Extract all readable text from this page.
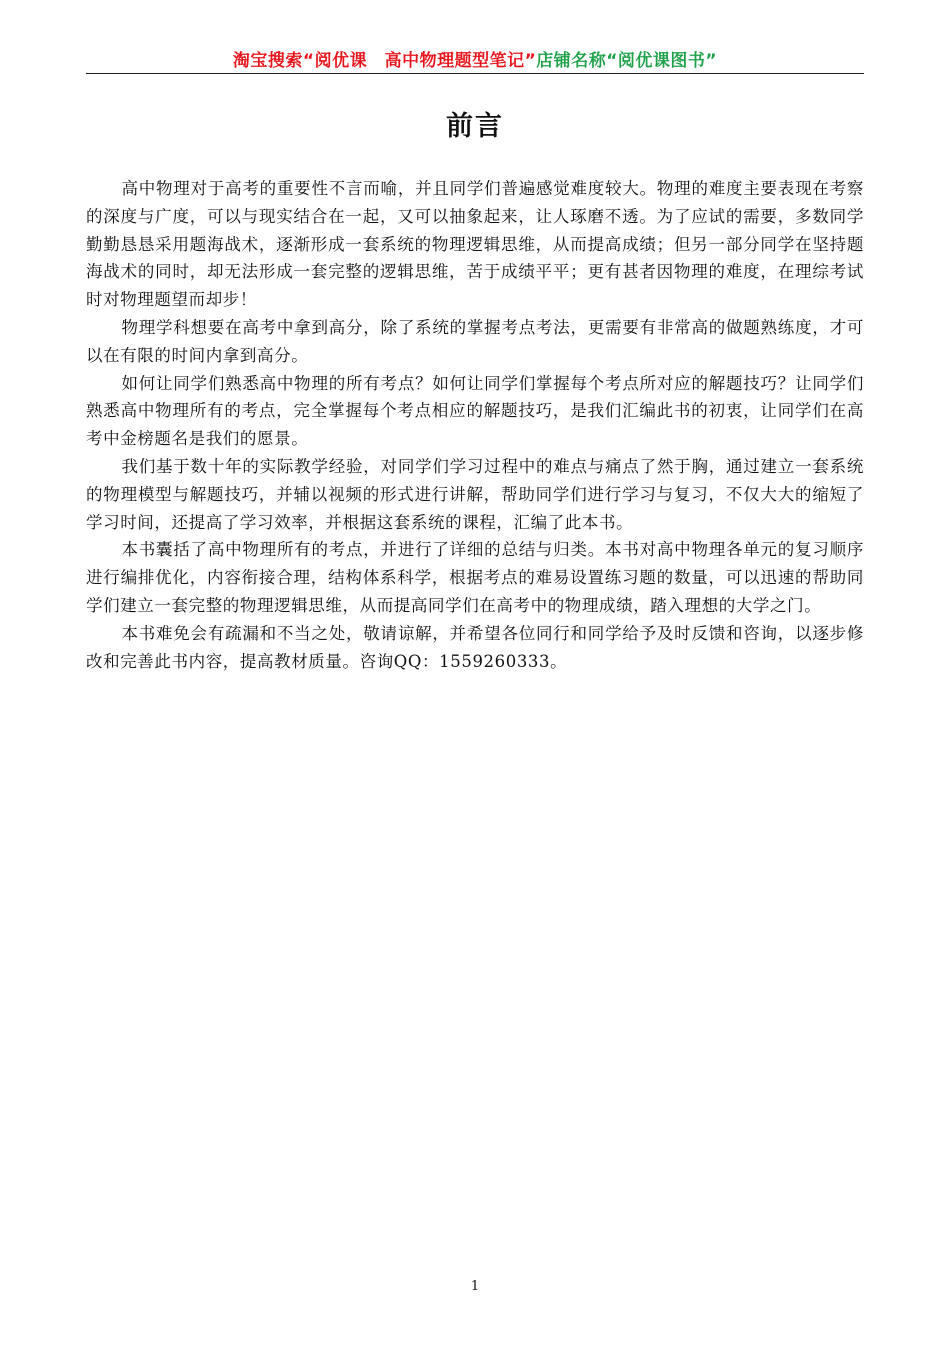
淘宝搜索“阅优课　高中物理题型笔记”店铺名称“阅优课图书”
前言

高中物理对于高考的重要性不言而喻，并且同学们普遍感觉难度较大。物理的难度主要表现在考察的深度与广度，可以与现实结合在一起，又可以抽象起来，让人琢磨不透。为了应试的需要，多数同学勤勤恳恳采用题海战术，逐渐形成一套系统的物理逻辑思维，从而提高成绩；但另一部分同学在坚持题海战术的同时，却无法形成一套完整的逻辑思维，苦于成绩平平；更有甚者因物理的难度，在理综考试时对物理题望而却步！

物理学科想要在高考中拿到高分，除了系统的掌握考点考法，更需要有非常高的做题熟练度，才可以在有限的时间内拿到高分。

如何让同学们熟悉高中物理的所有考点？如何让同学们掌握每个考点所对应的解题技巧？让同学们熟悉高中物理所有的考点，完全掌握每个考点相应的解题技巧，是我们汇编此书的初衷，让同学们在高考中金榜题名是我们的愿景。

我们基于数十年的实际教学经验，对同学们学习过程中的难点与痛点了然于胸，通过建立一套系统的物理模型与解题技巧，并辅以视频的形式进行讲解，帮助同学们进行学习与复习，不仅大大的缩短了学习时间，还提高了学习效率，并根据这套系统的课程，汇编了此本书。

本书囊括了高中物理所有的考点，并进行了详细的总结与归类。本书对高中物理各单元的复习顺序进行编排优化，内容衔接合理，结构体系科学，根据考点的难易设置练习题的数量，可以迅速的帮助同学们建立一套完整的物理逻辑思维，从而提高同学们在高考中的物理成绩，踏入理想的大学之门。

本书难免会有疏漏和不当之处，敬请谅解，并希望各位同行和同学给予及时反馈和咨询，以逐步修改和完善此书内容，提高教材质量。咨询QQ：1559260333。

1
